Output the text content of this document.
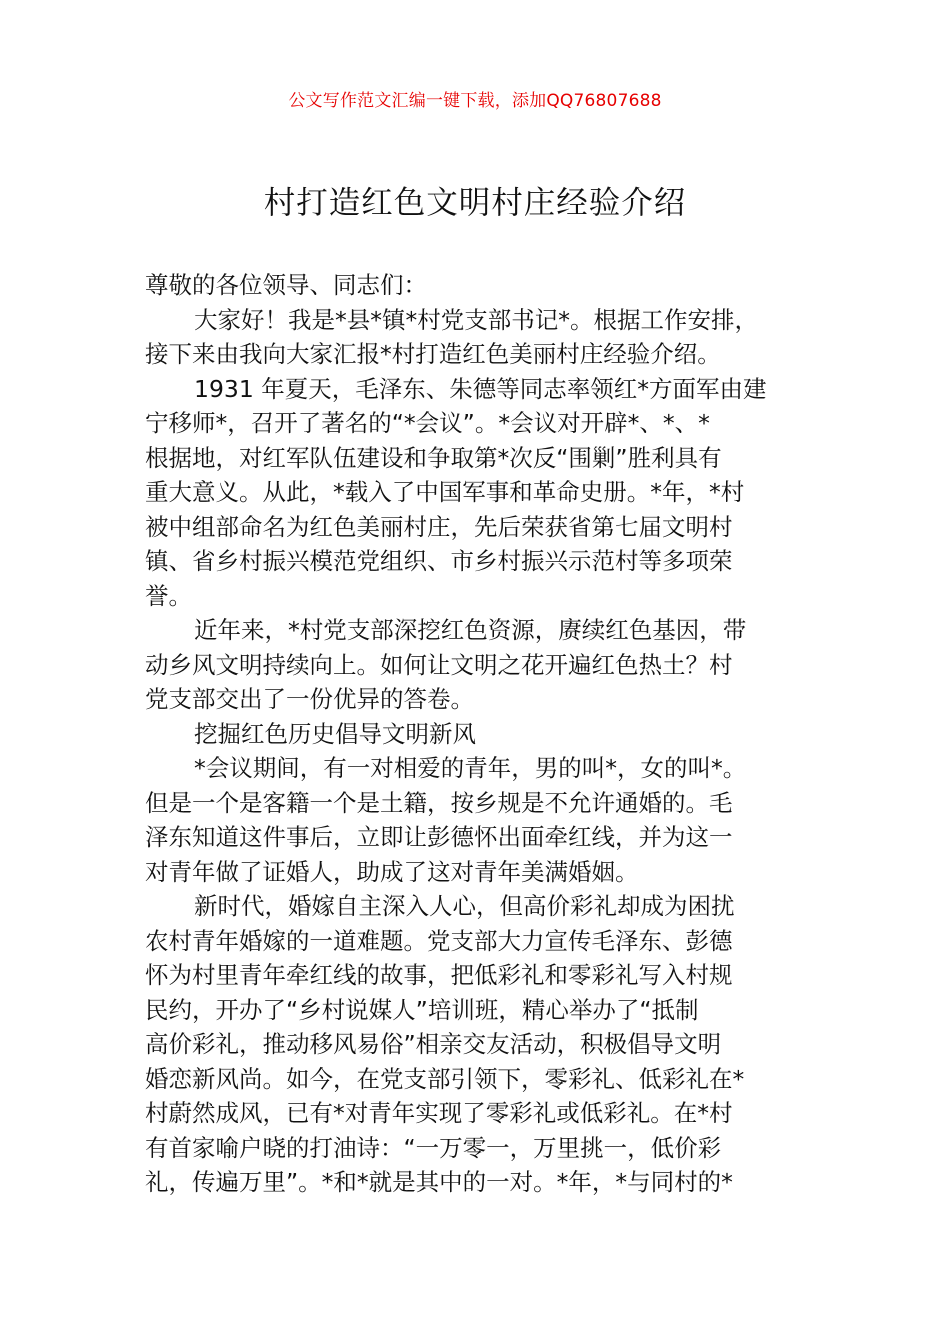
公文写作范文汇编一键下载，添加QQ76807688
村打造红色文明村庄经验介绍

尊敬的各位领导、同志们：

大家好！我是*县*镇*村党支部书记*。根据工作安排，
接下来由我向大家汇报*村打造红色美丽村庄经验介绍。

1931 年夏天，毛泽东、朱德等同志率领红*方面军由建
宁移师*，召开了著名的“*会议”。*会议对开辟*、*、*
根据地，对红军队伍建设和争取第*次反“围剿”胜利具有
重大意义。从此，*载入了中国军事和革命史册。*年，*村
被中组部命名为红色美丽村庄，先后荣获省第七届文明村
镇、省乡村振兴模范党组织、市乡村振兴示范村等多项荣
誉。

近年来，*村党支部深挖红色资源，赓续红色基因，带
动乡风文明持续向上。如何让文明之花开遍红色热土？村
党支部交出了一份优异的答卷。

挖掘红色历史倡导文明新风

*会议期间，有一对相爱的青年，男的叫*，女的叫*。
但是一个是客籍一个是土籍，按乡规是不允许通婚的。毛
泽东知道这件事后，立即让彭德怀出面牵红线，并为这一
对青年做了证婚人，助成了这对青年美满婚姻。

新时代，婚嫁自主深入人心，但高价彩礼却成为困扰
农村青年婚嫁的一道难题。党支部大力宣传毛泽东、彭德
怀为村里青年牵红线的故事，把低彩礼和零彩礼写入村规
民约，开办了“乡村说媒人”培训班，精心举办了“抵制
高价彩礼，推动移风易俗”相亲交友活动，积极倡导文明
婚恋新风尚。如今，在党支部引领下，零彩礼、低彩礼在*
村蔚然成风，已有*对青年实现了零彩礼或低彩礼。在*村
有首家喻户晓的打油诗：“一万零一，万里挑一，低价彩
礼，传遍万里”。*和*就是其中的一对。*年，*与同村的*
